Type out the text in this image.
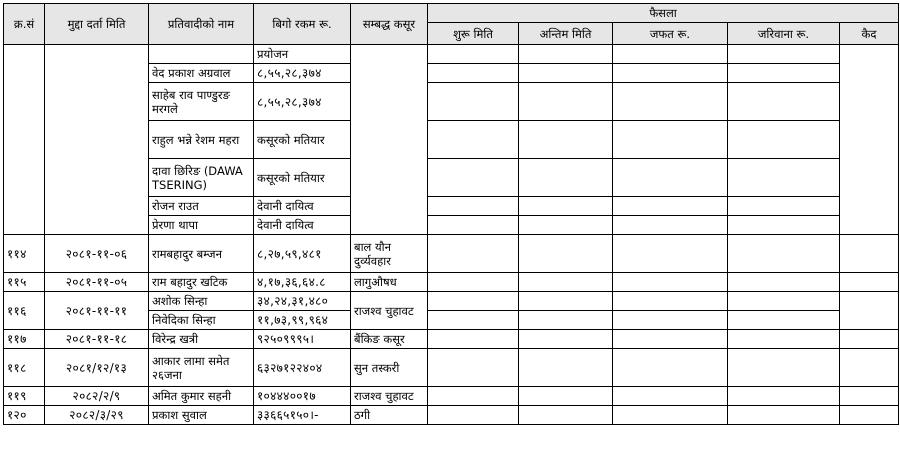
क्र.सं	मुद्दा दर्ता मिति	प्रतिवादीको नाम	बिगो रकम रू.	सम्बद्ध कसूर	फैसला				
					शुरू मिति	अन्तिम मिति	जफत रू.	जरिवाना रू.	कैद
			प्रयोजन						
		वेद प्रकाश अग्रवाल	८,५५,२८,३७४						
		साहेब राव पाण्डुरङ मरगले	८,५५,२८,३७४						
		राहुल भन्ने रेशम महरा	कसूरको मतियार						
		दावा छिरिङ (DAWA TSERING)	कसूरको मतियार						
		रोजन राउत	देवानी दायित्व						
		प्रेरणा थापा	देवानी दायित्व						
११४	२०८१-११-०६	रामबहादुर बम्जन	८,२७,५९,४८१	बाल यौन दुर्व्यवहार					
११५	२०८१-११-०५	राम बहादुर खटिक	४,१७,३६,६४.८	लागुऔषध					
११६	२०८१-११-११	अशोक सिन्हा	३४,२४,३१,४८०	राजश्व चुहावट					
		निवेदिका सिन्हा	११,७३,९९,९६४						
११७	२०८१-११-१८	विरेन्द्र खत्री	९२५०९९९५।	बैंकिङ कसूर					
११८	२०८१/१२/१३	आकार लामा समेत २६जना	६३२७१२२४०४	सुन तस्करी					
११९	२०८२/२/९	अमित कुमार सहनी	१०४४४००१७	राजश्व चुहावट					
१२०	२०८२/३/२९	प्रकाश सुवाल	३३६६५१५०।-	ठगी					
